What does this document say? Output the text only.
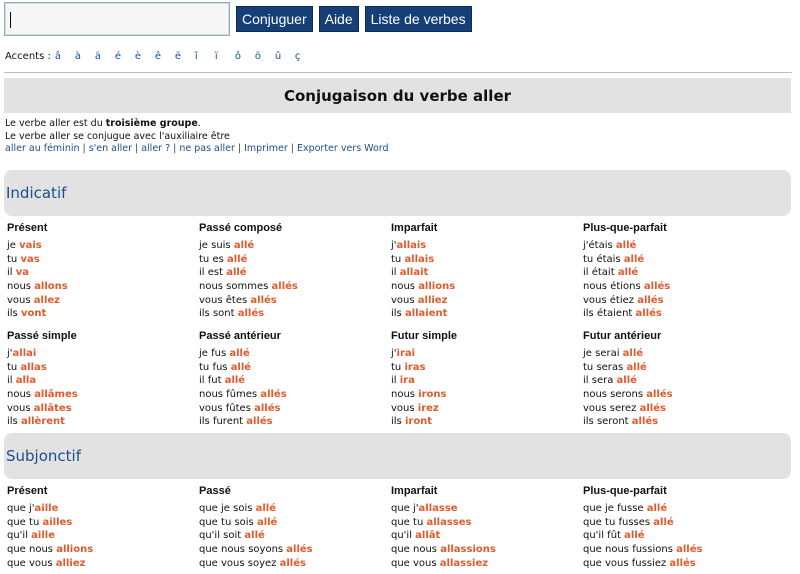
Conjuguer	Aide	Liste de verbes
Accents : â	à	ä	é	è	ê	ë	î	ï	ô	ö	û	ç
Conjugaison du verbe aller
Le verbe aller est du troisième groupe.
Le verbe aller se conjugue avec l'auxiliaire être
aller au féminin | s'en aller | aller ? | ne pas aller | Imprimer | Exporter vers Word
Indicatif
Présent
je vais
tu vas
il va
nous allons
vous allez
ils vont
Passé composé
je suis allé
tu es allé
il est allé
nous sommes allés
vous êtes allés
ils sont allés
Imparfait
j'allais
tu allais
il allait
nous allions
vous alliez
ils allaient
Plus-que-parfait
j'étais allé
tu étais allé
il était allé
nous étions allés
vous étiez allés
ils étaient allés
Passé simple
j'allai
tu allas
il alla
nous allâmes
vous allâtes
ils allèrent
Passé antérieur
je fus allé
tu fus allé
il fut allé
nous fûmes allés
vous fûtes allés
ils furent allés
Futur simple
j'irai
tu iras
il ira
nous irons
vous irez
ils iront
Futur antérieur
je serai allé
tu seras allé
il sera allé
nous serons allés
vous serez allés
ils seront allés
Subjonctif
Présent
que j'aille
que tu ailles
qu'il aille
que nous allions
que vous alliez
Passé
que je sois allé
que tu sois allé
qu'il soit allé
que nous soyons allés
que vous soyez allés
Imparfait
que j'allasse
que tu allasses
qu'il allât
que nous allassions
que vous allassiez
Plus-que-parfait
que je fusse allé
que tu fusses allé
qu'il fût allé
que nous fussions allés
que vous fussiez allés
